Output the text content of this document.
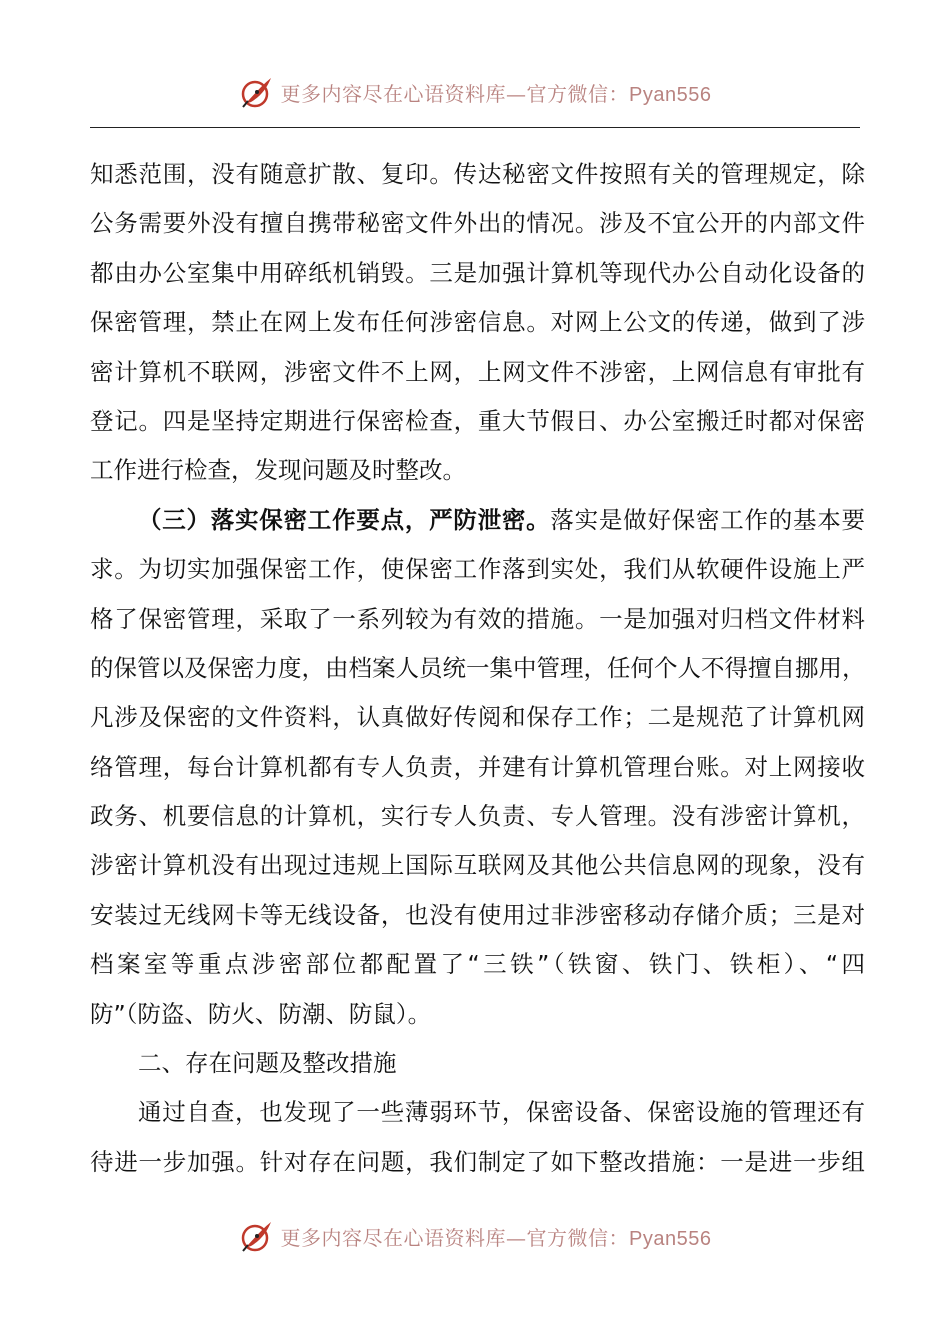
更多内容尽在心语资料库—官方微信：Pyan556
知悉范围，没有随意扩散、复印。传达秘密文件按照有关的管理规定，除
公务需要外没有擅自携带秘密文件外出的情况。涉及不宜公开的内部文件
都由办公室集中用碎纸机销毁。三是加强计算机等现代办公自动化设备的
保密管理，禁止在网上发布任何涉密信息。对网上公文的传递，做到了涉
密计算机不联网，涉密文件不上网，上网文件不涉密，上网信息有审批有
登记。四是坚持定期进行保密检查，重大节假日、办公室搬迁时都对保密
工作进行检查，发现问题及时整改。
（三）落实保密工作要点，严防泄密。落实是做好保密工作的基本要
求。为切实加强保密工作，使保密工作落到实处，我们从软硬件设施上严
格了保密管理，采取了一系列较为有效的措施。一是加强对归档文件材料
的保管以及保密力度，由档案人员统一集中管理，任何个人不得擅自挪用，
凡涉及保密的文件资料，认真做好传阅和保存工作；二是规范了计算机网
络管理，每台计算机都有专人负责，并建有计算机管理台账。对上网接收
政务、机要信息的计算机，实行专人负责、专人管理。没有涉密计算机，
涉密计算机没有出现过违规上国际互联网及其他公共信息网的现象，没有
安装过无线网卡等无线设备，也没有使用过非涉密移动存储介质；三是对
档案室等重点涉密部位都配置了“三铁”（铁窗、铁门、铁柜）、“四
防”（防盗、防火、防潮、防鼠）。
二、存在问题及整改措施
通过自查，也发现了一些薄弱环节，保密设备、保密设施的管理还有
待进一步加强。针对存在问题，我们制定了如下整改措施：一是进一步组
更多内容尽在心语资料库—官方微信：Pyan556
